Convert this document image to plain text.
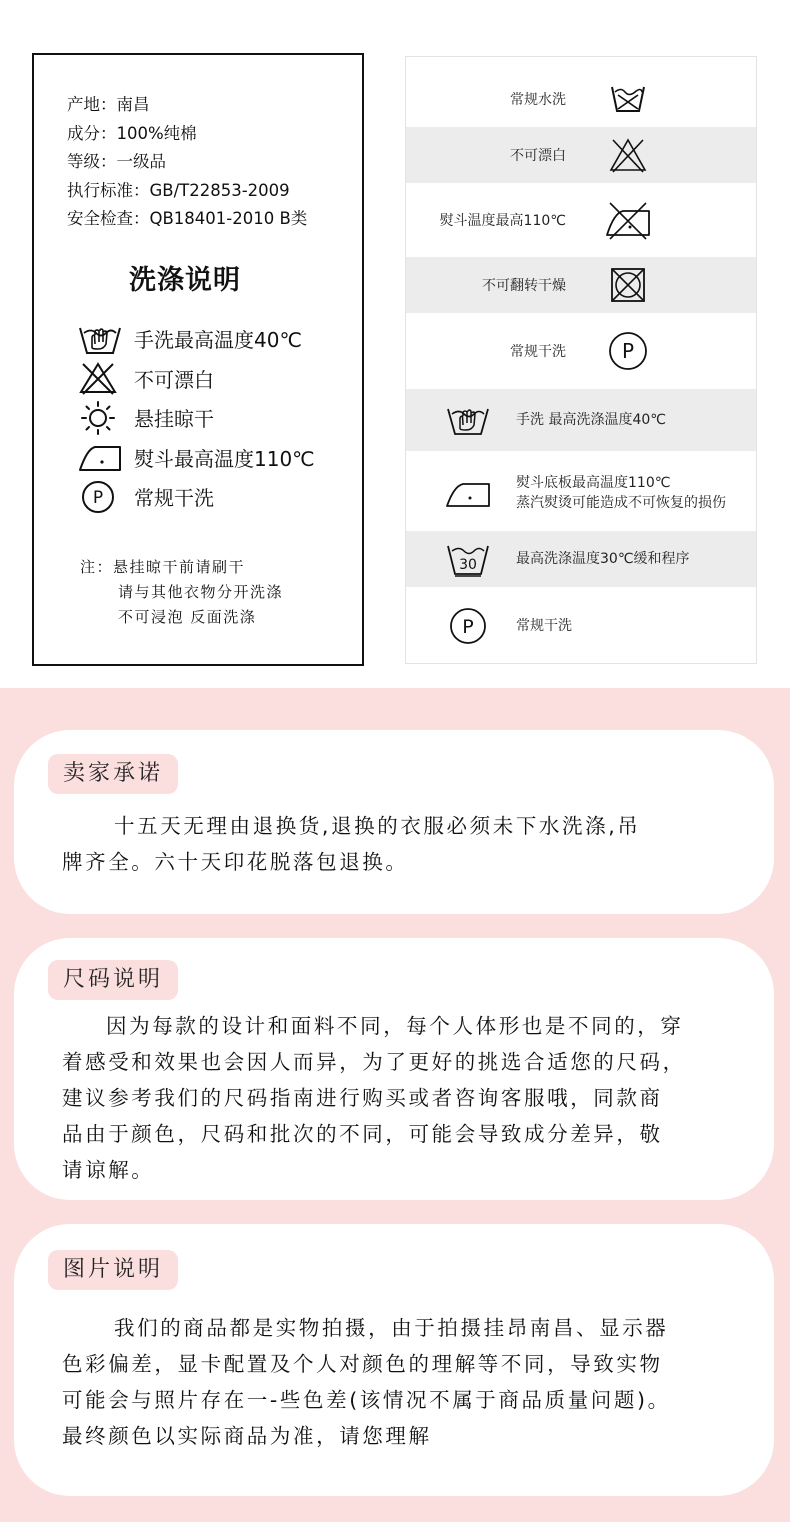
产地：南昌
成分：100%纯棉
等级：一级品
执行标准：GB/T22853-2009
安全检查：QB18401-2010 B类
洗涤说明
手洗最高温度40℃
不可漂白
悬挂晾干
熨斗最高温度110℃
P 常规干洗
注：悬挂晾干前请刷干
请与其他衣物分开洗涤
不可浸泡 反面洗涤
常规水洗
不可漂白
熨斗温度最高110℃
不可翻转干燥
常规干洗	P
手洗 最高洗涤温度40℃
熨斗底板最高温度110℃
蒸汽熨烫可能造成不可恢复的损伤
30	最高洗涤温度30℃缓和程序
P	常规干洗
卖家承诺
十五天无理由退换货,退换的衣服必须未下水洗涤,吊
牌齐全。六十天印花脱落包退换。
尺码说明
因为每款的设计和面料不同，每个人体形也是不同的，穿
着感受和效果也会因人而异，为了更好的挑选合适您的尺码，
建议参考我们的尺码指南进行购买或者咨询客服哦，同款商
品由于颜色，尺码和批次的不同，可能会导致成分差异，敬
请谅解。
图片说明
我们的商品都是实物拍摄，由于拍摄挂昂南昌、显示器
色彩偏差，显卡配置及个人对颜色的理解等不同，导致实物
可能会与照片存在一-些色差(该情况不属于商品质量问题)。
最终颜色以实际商品为准，请您理解
